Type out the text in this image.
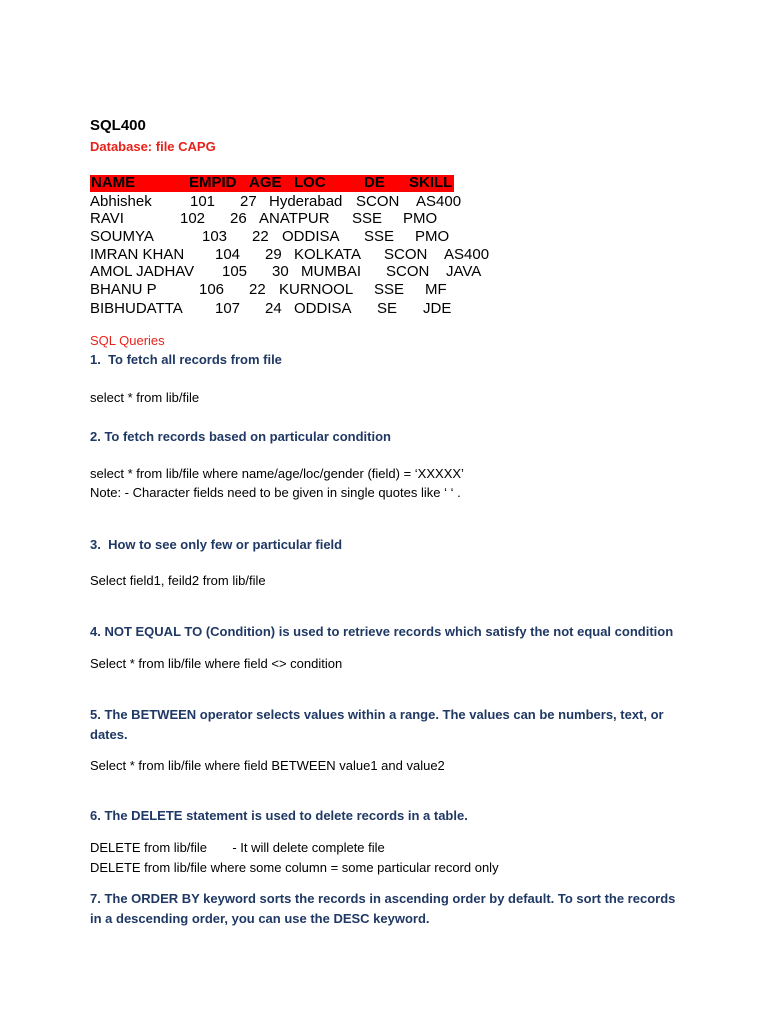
SQL400
Database: file CAPG
NAME	EMPID AGE LOC	DE SKILL
Abhishek	101 27 Hyderabad SCON AS400
RAVI	102 26 ANATPUR SSE PMO
SOUMYA	103 22 ODDISA SSE PMO
IMRAN KHAN 104 29 KOLKATA SCON AS400
AMOL JADHAV 105 30 MUMBAI SCON JAVA
BHANU P	106 22 KURNOOL SSE MF
BIBHUDATTA 107 24 ODDISA SE JDE
SQL Queries
1.  To fetch all records from file
select * from lib/file
2. To fetch records based on particular condition
select * from lib/file where name/age/loc/gender (field) = ‘XXXXX’
Note: - Character fields need to be given in single quotes like ‘ ‘ .
3.  How to see only few or particular field
Select field1, feild2 from lib/file
4. NOT EQUAL TO (Condition) is used to retrieve records which satisfy the not equal condition
Select * from lib/file where field <> condition
5. The BETWEEN operator selects values within a range. The values can be numbers, text, or
dates.
Select * from lib/file where field BETWEEN value1 and value2
6. The DELETE statement is used to delete records in a table.
DELETE from lib/file       - It will delete complete file
DELETE from lib/file where some column = some particular record only
7. The ORDER BY keyword sorts the records in ascending order by default. To sort the records
in a descending order, you can use the DESC keyword.
